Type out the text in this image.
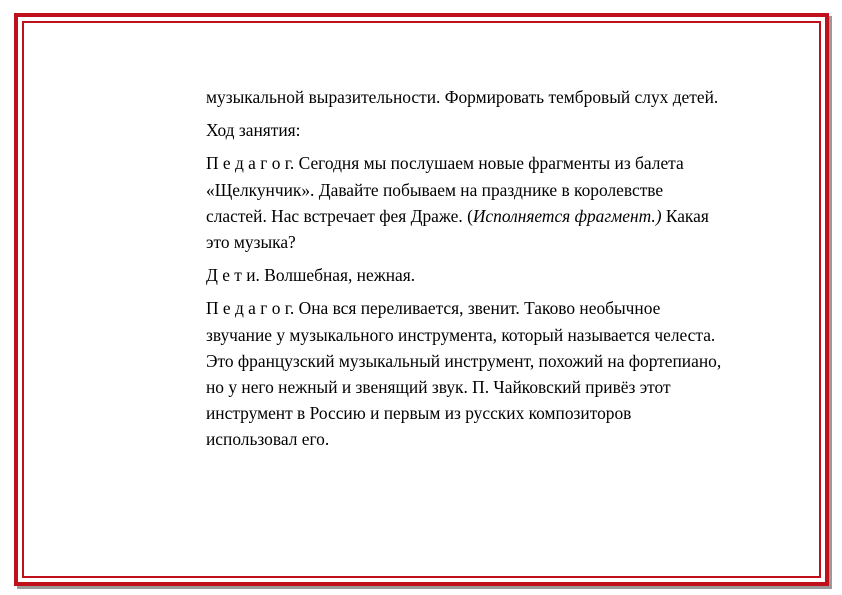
музыкальной выразительности. Формировать тембровый слух детей.

Ход занятия:

П е д а г о г. Сегодня мы послушаем новые фрагменты из балета «Щелкунчик». Давайте побываем на празднике в королевстве сластей. Нас встречает фея Драже. (Исполняется фрагмент.) Какая это музыка?

Д е т и. Волшебная, нежная.

П е д а г о г. Она вся переливается, звенит. Таково необычное звучание у музыкального инструмента, который называется челеста. Это французский музыкальный инструмент, похожий на фортепиано, но у него нежный и звенящий звук. П. Чайковский привёз этот инструмент в Россию и первым из русских композиторов использовал его.
